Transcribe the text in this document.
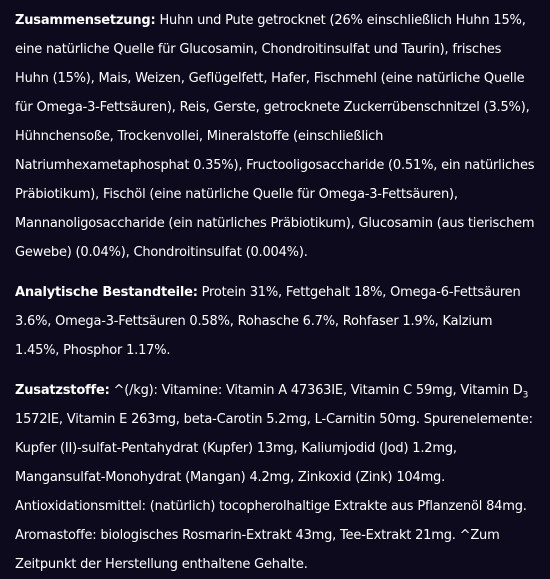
Zusammensetzung: Huhn und Pute getrocknet (26% einschließlich Huhn 15%, eine natürliche Quelle für Glucosamin, Chondroitinsulfat und Taurin), frisches Huhn (15%), Mais, Weizen, Geflügelfett, Hafer, Fischmehl (eine natürliche Quelle für Omega-3-Fettsäuren), Reis, Gerste, getrocknete Zuckerrübenschnitzel (3.5%), Hühnchensoße, Trockenvollei, Mineralstoffe (einschließlich Natriumhexametaphosphat 0.35%), Fructooligosaccharide (0.51%, ein natürliches Präbiotikum), Fischöl (eine natürliche Quelle für Omega-3-Fettsäuren), Mannanoligosaccharide (ein natürliches Präbiotikum), Glucosamin (aus tierischem Gewebe) (0.04%), Chondroitinsulfat (0.004%).

Analytische Bestandteile: Protein 31%, Fettgehalt 18%, Omega-6-Fettsäuren 3.6%, Omega-3-Fettsäuren 0.58%, Rohasche 6.7%, Rohfaser 1.9%, Kalzium 1.45%, Phosphor 1.17%.

Zusatzstoffe: ^(/kg): Vitamine: Vitamin A 47363IE, Vitamin C 59mg, Vitamin $D_3$ 1572IE, Vitamin E 263mg, beta-Carotin 5.2mg, L-Carnitin 50mg. Spurenelemente: Kupfer (II)-sulfat-Pentahydrat (Kupfer) 13mg, Kaliumjodid (Jod) 1.2mg, Mangansulfat-Monohydrat (Mangan) 4.2mg, Zinkoxid (Zink) 104mg.
Antioxidationsmittel: (natürlich) tocopherolhaltige Extrakte aus Pflanzenöl 84mg.
Aromastoffe: biologisches Rosmarin-Extrakt 43mg, Tee-Extrakt 21mg. ^Zum Zeitpunkt der Herstellung enthaltene Gehalte.
